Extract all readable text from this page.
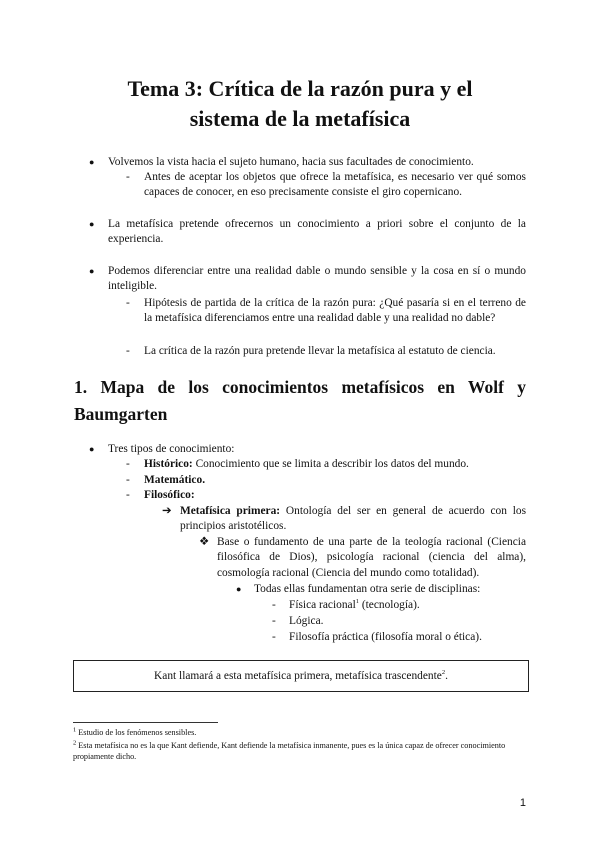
Tema 3: Crítica de la razón pura y el
sistema de la metafísica
●	Volvemos la vista hacia el sujeto humano, hacia sus facultades de conocimiento.
-	Antes de aceptar los objetos que ofrece la metafísica, es necesario ver qué somos capaces de conocer, en eso precisamente consiste el giro copernicano.
●	La metafísica pretende ofrecernos un conocimiento a priori sobre el conjunto de la experiencia.
●	Podemos diferenciar entre una realidad dable o mundo sensible y la cosa en sí o mundo inteligible.
-	Hipótesis de partida de la crítica de la razón pura: ¿Qué pasaría si en el terreno de la metafísica diferenciamos entre una realidad dable y una realidad no dable?
-	La crítica de la razón pura pretende llevar la metafísica al estatuto de ciencia.
1. Mapa de los conocimientos metafísicos en Wolf y Baumgarten
●	Tres tipos de conocimiento:
-	Histórico: Conocimiento que se limita a describir los datos del mundo.
-	Matemático.
-	Filosófico:
➔ Metafísica primera: Ontología del ser en general de acuerdo con los principios aristotélicos.
❖ Base o fundamento de una parte de la teología racional (Ciencia filosófica de Dios), psicología racional (ciencia del alma), cosmología racional (Ciencia del mundo como totalidad).
●	Todas ellas fundamentan otra serie de disciplinas:
-	Física racional$^1$ (tecnología).
-	Lógica.
-	Filosofía práctica (filosofía moral o ética).
Kant llamará a esta metafísica primera, metafísica trascendente$^2$.
$^1$ Estudio de los fenómenos sensibles.
$^2$ Esta metafísica no es la que Kant defiende, Kant defiende la metafísica inmanente, pues es la única capaz de ofrecer conocimiento propiamente dicho.
1
